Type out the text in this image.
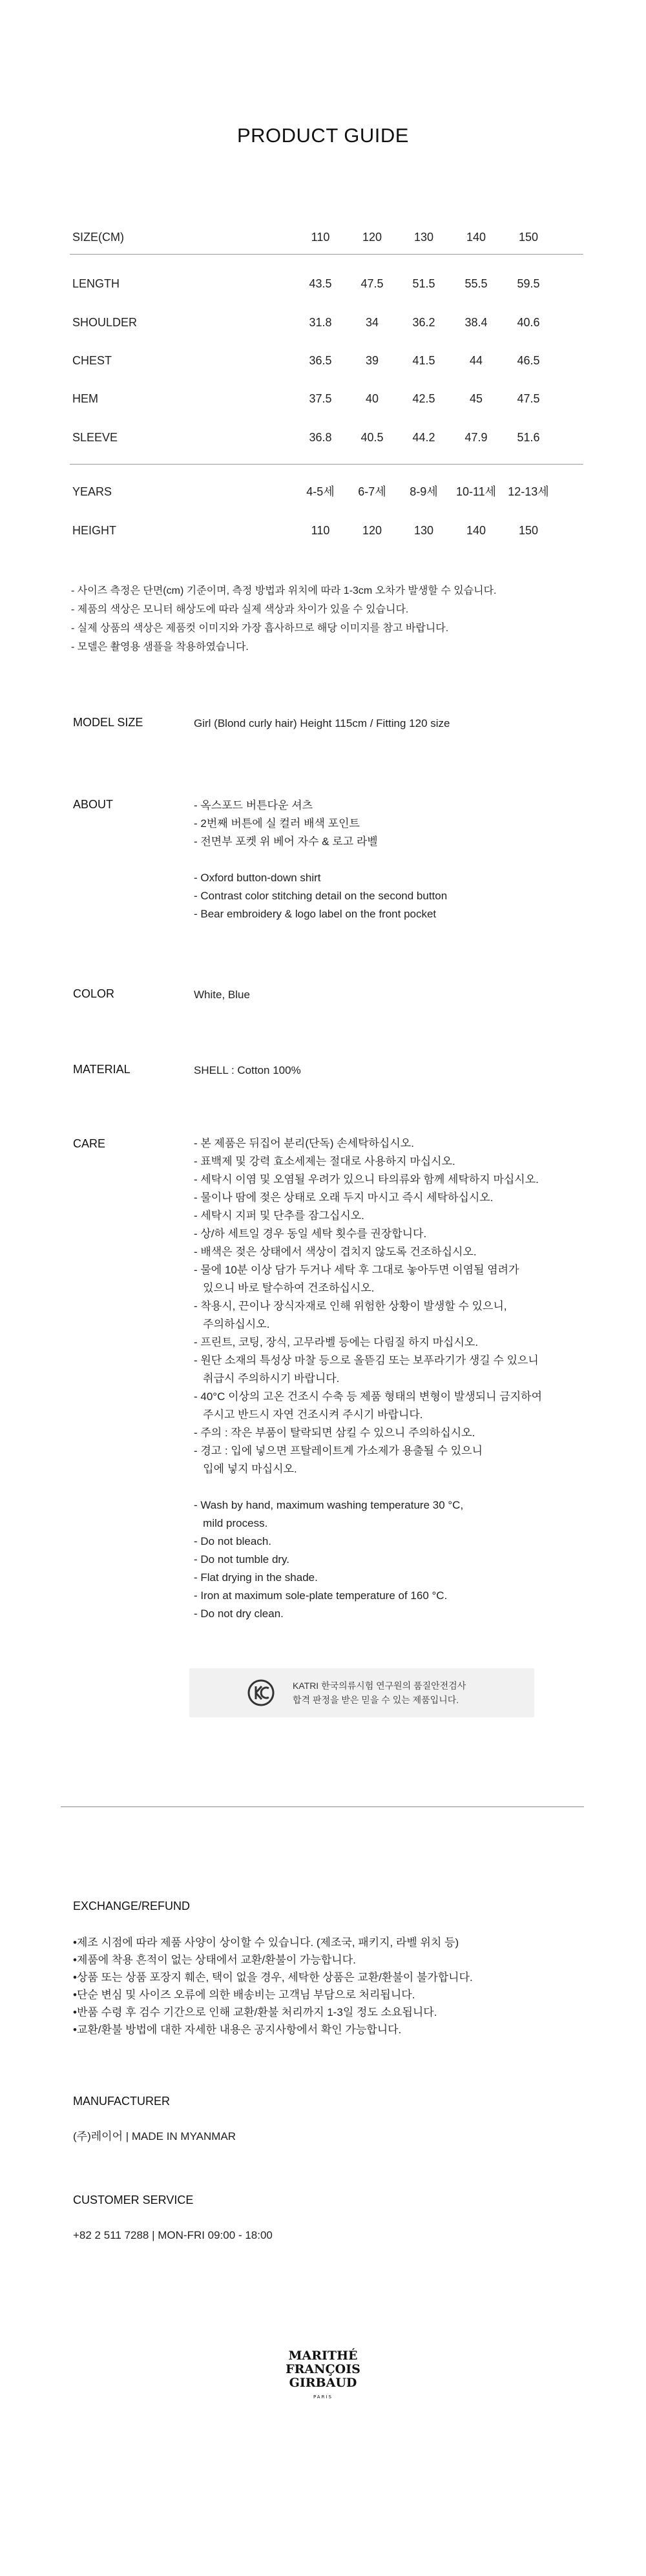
PRODUCT GUIDE
SIZE(CM)	110	120	130	140	150
LENGTH	43.5	47.5	51.5	55.5	59.5
SHOULDER	31.8	34	36.2	38.4	40.6
CHEST	36.5	39	41.5	44	46.5
HEM	37.5	40	42.5	45	47.5
SLEEVE	36.8	40.5	44.2	47.9	51.6
YEARS	4-5세	6-7세	8-9세	10-11세	12-13세
HEIGHT	110	120	130	140	150
- 사이즈 측정은 단면(cm) 기준이며, 측정 방법과 위치에 따라 1-3cm 오차가 발생할 수 있습니다.
- 제품의 색상은 모니터 해상도에 따라 실제 색상과 차이가 있을 수 있습니다.
- 실제 상품의 색상은 제품컷 이미지와 가장 흡사하므로 해당 이미지를 참고 바랍니다.
- 모델은 촬영용 샘플을 착용하였습니다.
MODEL SIZE	Girl (Blond curly hair) Height 115cm / Fitting 120 size
ABOUT	- 옥스포드 버튼다운 셔츠
- 2번째 버튼에 실 컬러 배색 포인트
- 전면부 포켓 위 베어 자수 & 로고 라벨

- Oxford button-down shirt
- Contrast color stitching detail on the second button
- Bear embroidery & logo label on the front pocket
COLOR	White, Blue
MATERIAL	SHELL : Cotton 100%
CARE	- 본 제품은 뒤집어 분리(단독) 손세탁하십시오.
- 표백제 및 강력 효소세제는 절대로 사용하지 마십시오.
- 세탁시 이염 및 오염될 우려가 있으니 타의류와 함께 세탁하지 마십시오.
- 물이나 땀에 젖은 상태로 오래 두지 마시고 즉시 세탁하십시오.
- 세탁시 지퍼 및 단추를 잠그십시오.
- 상/하 세트일 경우 동일 세탁 횟수를 권장합니다.
- 배색은 젖은 상태에서 색상이 겹치지 않도록 건조하십시오.
- 물에 10분 이상 담가 두거나 세탁 후 그대로 놓아두면 이염될 염려가
있으니 바로 탈수하여 건조하십시오.
- 착용시, 끈이나 장식자재로 인해 위험한 상황이 발생할 수 있으니,
주의하십시오.
- 프린트, 코팅, 장식, 고무라벨 등에는 다림질 하지 마십시오.
- 원단 소재의 특성상 마찰 등으로 올뜯김 또는 보푸라기가 생길 수 있으니
취급시 주의하시기 바랍니다.
- 40°C 이상의 고온 건조시 수축 등 제품 형태의 변형이 발생되니 금지하여
주시고 반드시 자연 건조시켜 주시기 바랍니다.
- 주의 : 작은 부품이 탈락되면 삼킬 수 있으니 주의하십시오.
- 경고 : 입에 넣으면 프탈레이트계 가소제가 용출될 수 있으니
입에 넣지 마십시오.

- Wash by hand, maximum washing temperature 30 °C,
mild process.
- Do not bleach.
- Do not tumble dry.
- Flat drying in the shade.
- Iron at maximum sole-plate temperature of 160 °C.
- Do not dry clean.
KATRI 한국의류시험 연구원의 품질안전검사
합격 판정을 받은 믿을 수 있는 제품입니다.
EXCHANGE/REFUND
•제조 시점에 따라 제품 사양이 상이할 수 있습니다. (제조국, 패키지, 라벨 위치 등)
•제품에 착용 흔적이 없는 상태에서 교환/환불이 가능합니다.
•상품 또는 상품 포장지 훼손, 택이 없을 경우, 세탁한 상품은 교환/환불이 불가합니다.
•단순 변심 및 사이즈 오류에 의한 배송비는 고객님 부담으로 처리됩니다.
•반품 수령 후 검수 기간으로 인해 교환/환불 처리까지 1-3일 정도 소요됩니다.
•교환/환불 방법에 대한 자세한 내용은 공지사항에서 확인 가능합니다.
MANUFACTURER
(주)레이어 | MADE IN MYANMAR
CUSTOMER SERVICE
+82 2 511 7288 | MON-FRI 09:00 - 18:00
MARITHÉ
FRANÇOIS
GIRBAUD
PARIS
